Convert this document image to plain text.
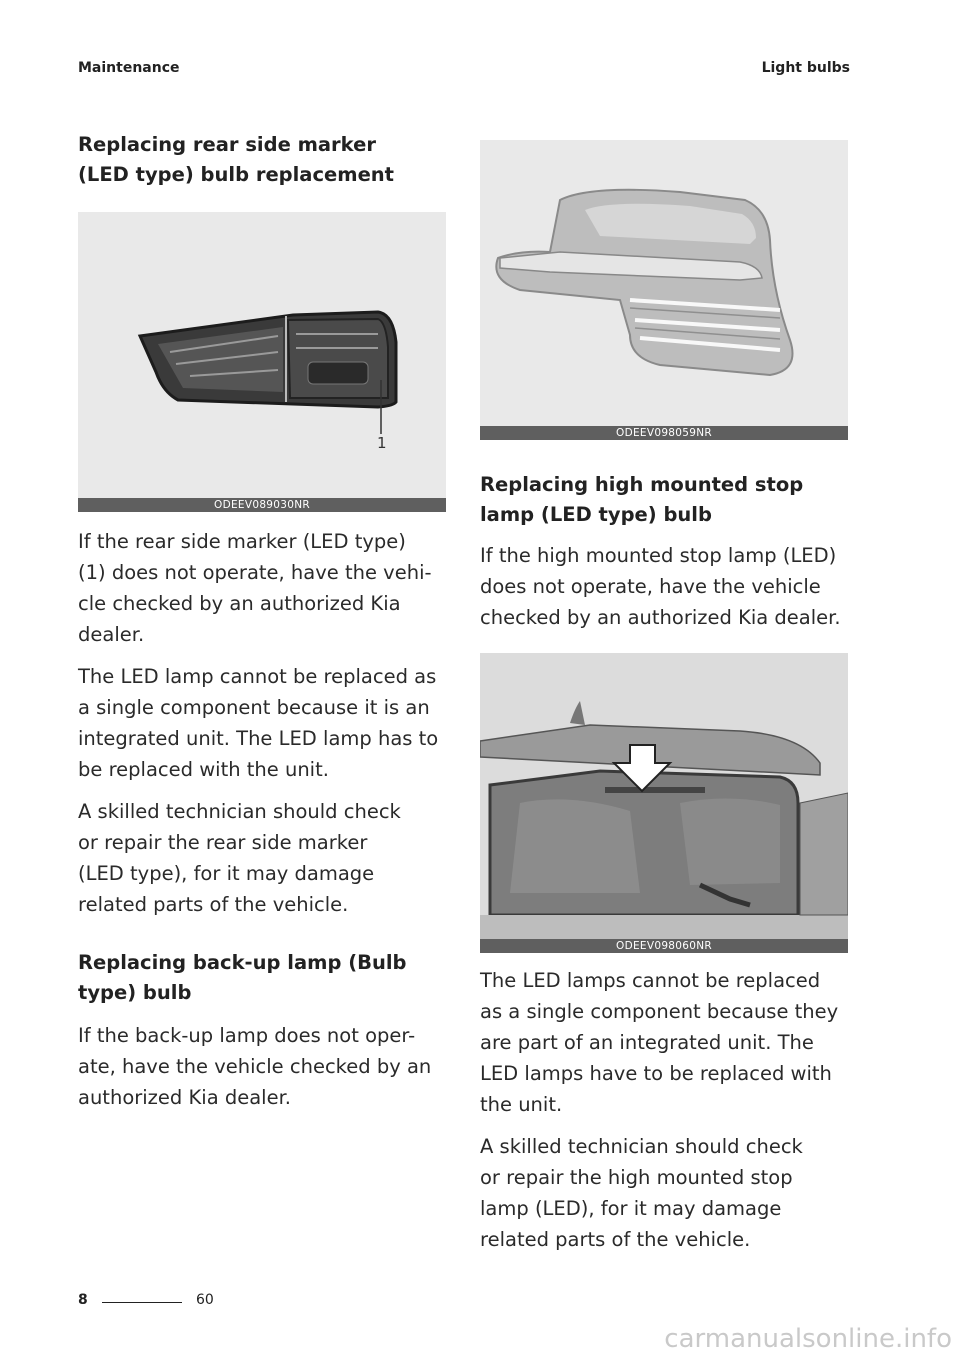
Maintenance	Light bulbs
Replacing rear side marker (LED type) bulb replacement
1
ODEEV089030NR

If the rear side marker (LED type) (1) does not operate, have the vehi-cle checked by an authorized Kia dealer.

The LED lamp cannot be replaced as a single component because it is an integrated unit. The LED lamp has to be replaced with the unit.

A skilled technician should check or repair the rear side marker (LED type), for it may damage related parts of the vehicle.

Replacing back-up lamp (Bulb type) bulb

If the back-up lamp does not oper-ate, have the vehicle checked by an authorized Kia dealer.

ODEEV098059NR
Replacing high mounted stop lamp (LED type) bulb

If the high mounted stop lamp (LED) does not operate, have the vehicle checked by an authorized Kia dealer.

ODEEV098060NR

The LED lamps cannot be replaced as a single component because they are part of an integrated unit. The LED lamps have to be replaced with the unit.

A skilled technician should check or repair the high mounted stop lamp (LED), for it may damage related parts of the vehicle.

8	60
carmanualsonline.info
